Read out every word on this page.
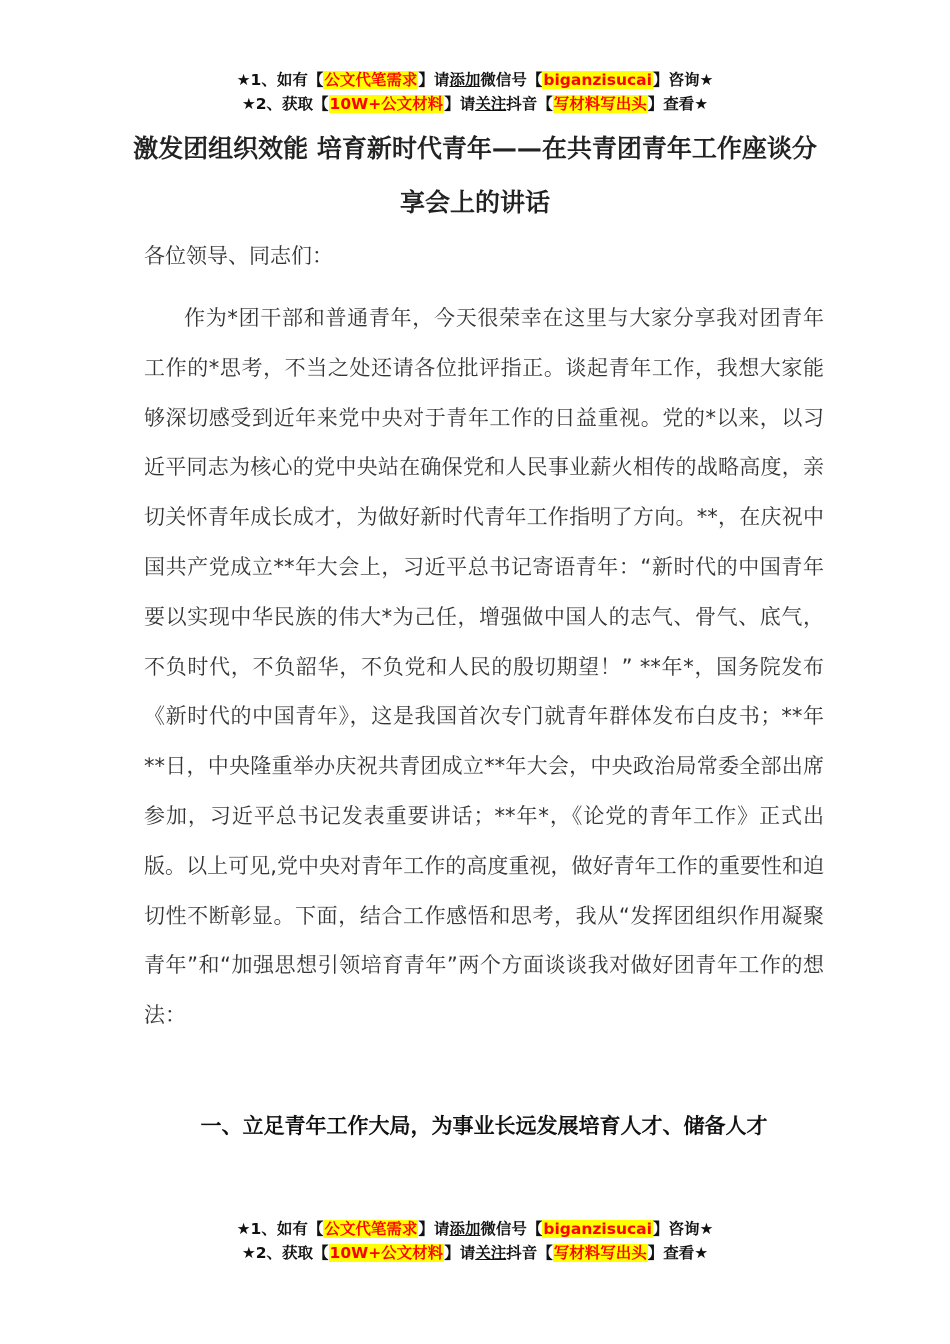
★1、如有【公文代笔需求】请添加微信号【biganzisucai】咨询★
★2、获取【10W+公文材料】请关注抖音【写材料写出头】查看★
激发团组织效能 培育新时代青年——在共青团青年工作座谈分享会上的讲话
各位领导、同志们：
作为*团干部和普通青年，今天很荣幸在这里与大家分享我对团青年工作的*思考，不当之处还请各位批评指正。谈起青年工作，我想大家能够深切感受到近年来党中央对于青年工作的日益重视。党的*以来，以习近平同志为核心的党中央站在确保党和人民事业薪火相传的战略高度，亲切关怀青年成长成才，为做好新时代青年工作指明了方向。**，在庆祝中国共产党成立**年大会上，习近平总书记寄语青年：“新时代的中国青年要以实现中华民族的伟大*为己任，增强做中国人的志气、骨气、底气，不负时代，不负韶华，不负党和人民的殷切期望！” **年*，国务院发布《新时代的中国青年》，这是我国首次专门就青年群体发布白皮书；**年**日，中央隆重举办庆祝共青团成立**年大会，中央政治局常委全部出席参加，习近平总书记发表重要讲话；**年*，《论党的青年工作》正式出版。以上可见,党中央对青年工作的高度重视，做好青年工作的重要性和迫切性不断彰显。下面，结合工作感悟和思考，我从“发挥团组织作用凝聚青年”和“加强思想引领培育青年”两个方面谈谈我对做好团青年工作的想法：
一、立足青年工作大局，为事业长远发展培育人才、储备人才
★1、如有【公文代笔需求】请添加微信号【biganzisucai】咨询★
★2、获取【10W+公文材料】请关注抖音【写材料写出头】查看★
